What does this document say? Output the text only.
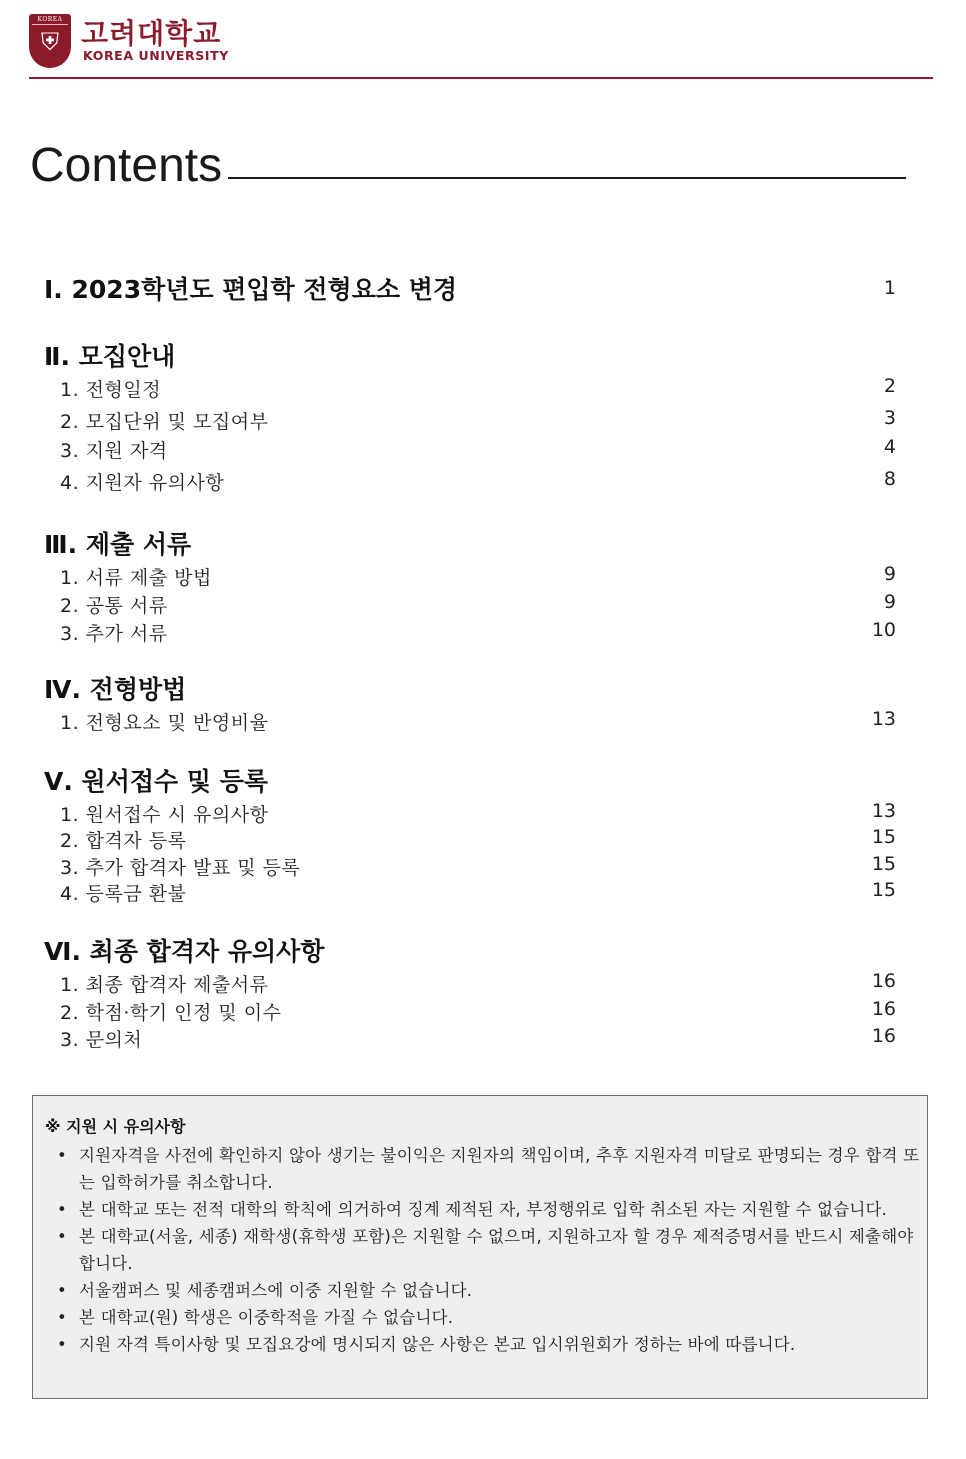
KOREA
⛨ 고려대학교
KOREA UNIVERSITY
Contents
Ⅰ. 2023학년도 편입학 전형요소 변경	1
Ⅱ. 모집안내
1. 전형일정	2
2. 모집단위 및 모집여부	3
3. 지원 자격	4
4. 지원자 유의사항	8
Ⅲ. 제출 서류
1. 서류 제출 방법	9
2. 공통 서류	9
3. 추가 서류	10
Ⅳ. 전형방법
1. 전형요소 및 반영비율	13
Ⅴ. 원서접수 및 등록
1. 원서접수 시 유의사항	13
2. 합격자 등록	15
3. 추가 합격자 발표 및 등록	15
4. 등록금 환불	15
Ⅵ. 최종 합격자 유의사항
1. 최종 합격자 제출서류	16
2. 학점·학기 인정 및 이수	16
3. 문의처	16
※ 지원 시 유의사항
• 지원자격을 사전에 확인하지 않아 생기는 불이익은 지원자의 책임이며, 추후 지원자격 미달로 판명되는 경우 합격 또는 입학허가를 취소합니다.
• 본 대학교 또는 전적 대학의 학칙에 의거하여 징계 제적된 자, 부정행위로 입학 취소된 자는 지원할 수 없습니다.
• 본 대학교(서울, 세종) 재학생(휴학생 포함)은 지원할 수 없으며, 지원하고자 할 경우 제적증명서를 반드시 제출해야 합니다.
• 서울캠퍼스 및 세종캠퍼스에 이중 지원할 수 없습니다.
• 본 대학교(원) 학생은 이중학적을 가질 수 없습니다.
• 지원 자격 특이사항 및 모집요강에 명시되지 않은 사항은 본교 입시위원회가 정하는 바에 따릅니다.
